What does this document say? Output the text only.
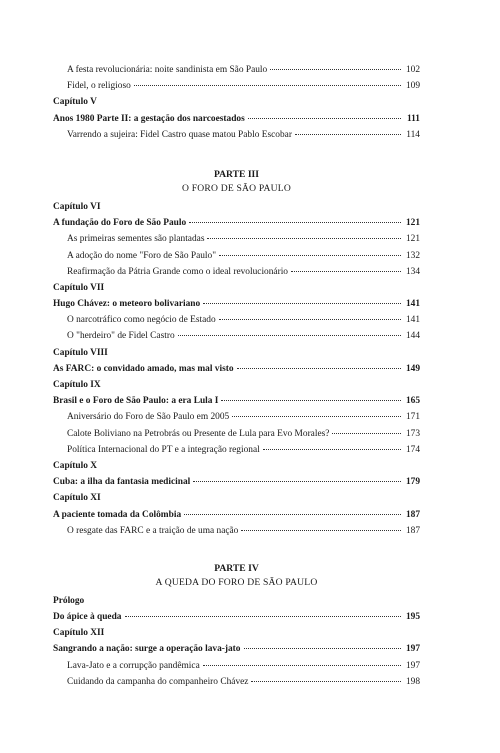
A festa revolucionária: noite sandinista em São Paulo	102
Fidel, o religioso	109
Capítulo V
Anos 1980 Parte II: a gestação dos narcoestados	111
Varrendo a sujeira: Fidel Castro quase matou Pablo Escobar	114
PARTE III
O FORO DE SÃO PAULO
Capítulo VI
A fundação do Foro de São Paulo	121
As primeiras sementes são plantadas	121
A adoção do nome "Foro de São Paulo"	132
Reafirmação da Pátria Grande como o ideal revolucionário	134
Capítulo VII
Hugo Chávez: o meteoro bolivariano	141
O narcotráfico como negócio de Estado	141
O "herdeiro" de Fidel Castro	144
Capítulo VIII
As FARC: o convidado amado, mas mal visto	149
Capítulo IX
Brasil e o Foro de São Paulo: a era Lula I	165
Aniversário do Foro de São Paulo em 2005	171
Calote Boliviano na Petrobrás ou Presente de Lula para Evo Morales?	173
Política Internacional do PT e a integração regional	174
Capítulo X
Cuba: a ilha da fantasia medicinal	179
Capítulo XI
A paciente tomada da Colômbia	187
O resgate das FARC e a traição de uma nação	187
PARTE IV
A QUEDA DO FORO DE SÃO PAULO
Prólogo
Do ápice à queda	195
Capítulo XII
Sangrando a nação: surge a operação lava-jato	197
Lava-Jato e a corrupção pandêmica	197
Cuidando da campanha do companheiro Chávez	198
